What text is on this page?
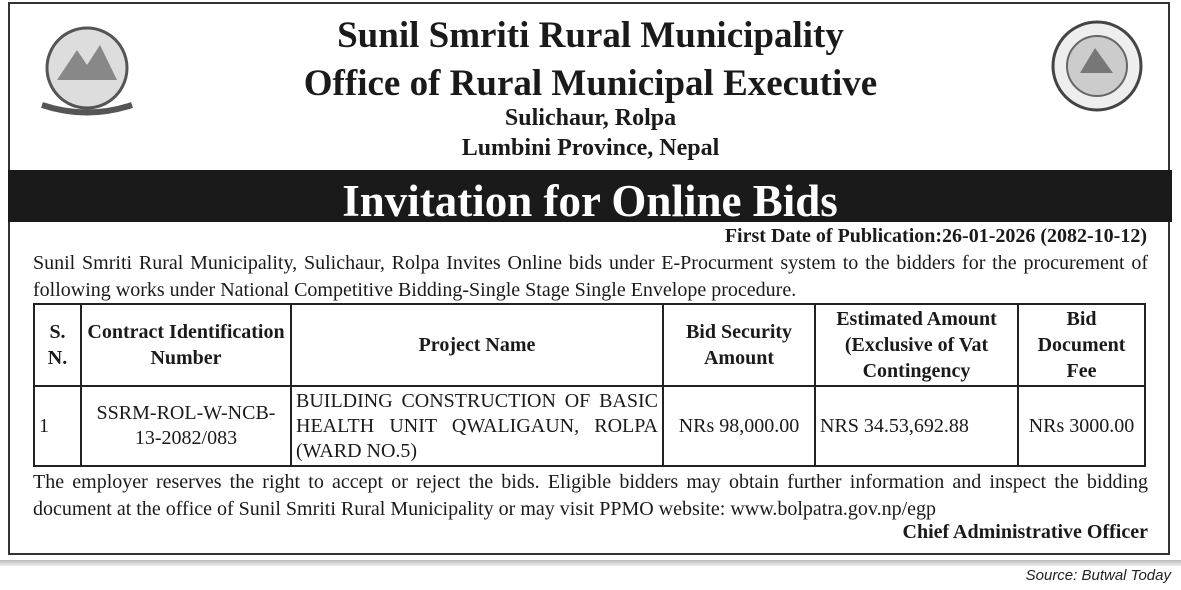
Sunil Smriti Rural Municipality
Office of Rural Municipal Executive
Sulichaur, Rolpa
Lumbini Province, Nepal
Invitation for Online Bids
First Date of Publication:26-01-2026 (2082-10-12)
Sunil Smriti Rural Municipality, Sulichaur, Rolpa Invites Online bids under E-Procurment system to the bidders for the procurement of following works under National Competitive Bidding-Single Stage Single Envelope procedure.
S. N.	Contract Identification Number	Project Name	Bid Security Amount	Estimated Amount (Exclusive of Vat Contingency	Bid Document Fee
1	SSRM-ROL-W-NCB-13-2082/083	BUILDING CONSTRUCTION OF BASIC HEALTH UNIT QWALIGAUN, ROLPA (WARD NO.5)	NRs 98,000.00	NRS 34.53,692.88	NRs 3000.00
The employer reserves the right to accept or reject the bids. Eligible bidders may obtain further information and inspect the bidding document at the office of Sunil Smriti Rural Municipality or may visit PPMO website: www.bolpatra.gov.np/egp
Chief Administrative Officer
Source: Butwal Today
